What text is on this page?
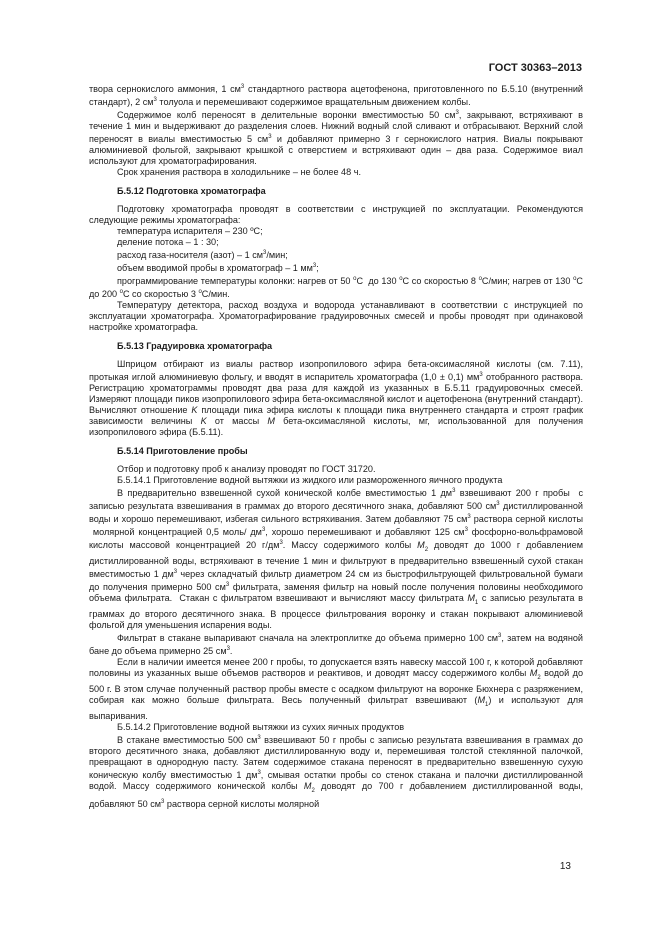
ГОСТ 30363–2013

твора сернокислого аммония, 1 $см^3$ стандартного раствора ацетофенона, приготовленного по Б.5.10 (внутренний стандарт), 2 $см^3$ толуола и перемешивают содержимое вращательным движением колбы.

Содержимое колб переносят в делительные воронки вместимостью 50 $см^3$, закрывают, встряхивают в течение 1 мин и выдерживают до разделения слоев. Нижний водный слой сливают и отбрасывают. Верхний слой переносят в виалы вместимостью 5 $см^3$ и добавляют примерно 3 г сернокислого натрия. Виалы покрывают алюминиевой фольгой, закрывают крышкой с отверстием и встряхивают один – два раза. Содержимое виал используют для хроматографирования.

Срок хранения раствора в холодильнике – не более 48 ч.

Б.5.12 Подготовка хроматографа

Подготовку хроматографа проводят в соответствии с инструкцией по эксплуатации. Рекомендуются следующие режимы хроматографа:

температура испарителя – 230 ºС;

деление потока – 1 : 30;

расход газа-носителя (азот) – 1 $см^3$/мин;

объем вводимой пробы в хроматограф – 1 $мм^3$;

программирование температуры колонки: нагрев от 50 $^о$С  до 130 $^о$С со скоростью 8 $^о$С/мин; нагрев от 130 $^о$С до 200 $^о$С со скоростью 3 $^о$С/мин.

Температуру детектора, расход воздуха и водорода устанавливают в соответствии с инструкцией по эксплуатации хроматографа. Хроматографирование градуировочных смесей и пробы проводят при одинаковой настройке хроматографа.

Б.5.13 Градуировка хроматографа

Шприцом отбирают из виалы раствор изопропилового эфира бета-оксимасляной кислоты (см. 7.11), протыкая иглой алюминиевую фольгу, и вводят в испаритель хроматографа (1,0 ± 0,1) $мм^3$ отобранного раствора. Регистрацию хроматограммы проводят два раза для каждой из указанных в Б.5.11 градуировочных смесей. Измеряют площади пиков изопропилового эфира бета-оксимасляной кислот и ацетофенона (внутренний стандарт). Вычисляют отношение K площади пика эфира кислоты к площади пика внутреннего стандарта и строят график зависимости величины K от массы M бета-оксимасляной кислоты, мг, использованной для получения изопропилового эфира (Б.5.11).

Б.5.14 Приготовление пробы

Отбор и подготовку проб к анализу проводят по ГОСТ 31720.

Б.5.14.1 Приготовление водной вытяжки из жидкого или размороженного яичного продукта

В предварительно взвешенной сухой конической колбе вместимостью 1 $дм^3$ взвешивают 200 г пробы  с записью результата взвешивания в граммах до второго десятичного знака, добавляют 500 $см^3$ дистиллированной воды и хорошо перемешивают, избегая сильного встряхивания. Затем добавляют 75 $см^3$ раствора серной кислоты  молярной концентрацией 0,5 моль/ $дм^3$, хорошо перемешивают и добавляют 125 $см^3$ фосфорно-вольфрамовой кислоты массовой концентрацией 20 $г/дм^3$. Массу содержимого колбы $M_2$ доводят до 1000 г добавлением дистиллированной воды, встряхивают в течение 1 мин и фильтруют в предварительно взвешенный сухой стакан вместимостью 1 $дм^3$ через складчатый фильтр диаметром 24 см из быстрофильтрующей фильтровальной бумаги до получения примерно 500 $см^3$ фильтрата, заменяя фильтр на новый после получения половины необходимого объема фильтрата.  Стакан с фильтратом взвешивают и вычисляют массу фильтрата $M_1$ с записью результата в граммах до второго десятичного знака. В процессе фильтрования воронку и стакан покрывают алюминиевой фольгой для уменьшения испарения воды.

Фильтрат в стакане выпаривают сначала на электроплитке до объема примерно 100 $см^3$, затем на водяной бане до объема примерно 25 $см^3$.

Если в наличии имеется менее 200 г пробы, то допускается взять навеску массой 100 г, к которой добавляют половины из указанных выше объемов растворов и реактивов, и доводят массу содержимого колбы $M_2$ водой до 500 г. В этом случае полученный раствор пробы вместе с осадком фильтруют на воронке Бюхнера с разряжением, собирая как можно больше фильтрата. Весь полученный фильтрат взвешивают $(M_1)$ и используют для выпаривания.

Б.5.14.2 Приготовление водной вытяжки из сухих яичных продуктов

В стакане вместимостью 500 $см^3$ взвешивают 50 г пробы с записью результата взвешивания в граммах до второго десятичного знака, добавляют дистиллированную воду и, перемешивая толстой стеклянной палочкой, превращают в однородную пасту. Затем содержимое стакана переносят в предварительно взвешенную сухую коническую колбу вместимостью 1 $дм^3$, смывая остатки пробы со стенок стакана и палочки дистиллированной водой. Массу содержимого конической колбы $M_2$ доводят до 700 г добавлением дистиллированной воды, добавляют 50 $см^3$ раствора серной кислоты молярной

13
